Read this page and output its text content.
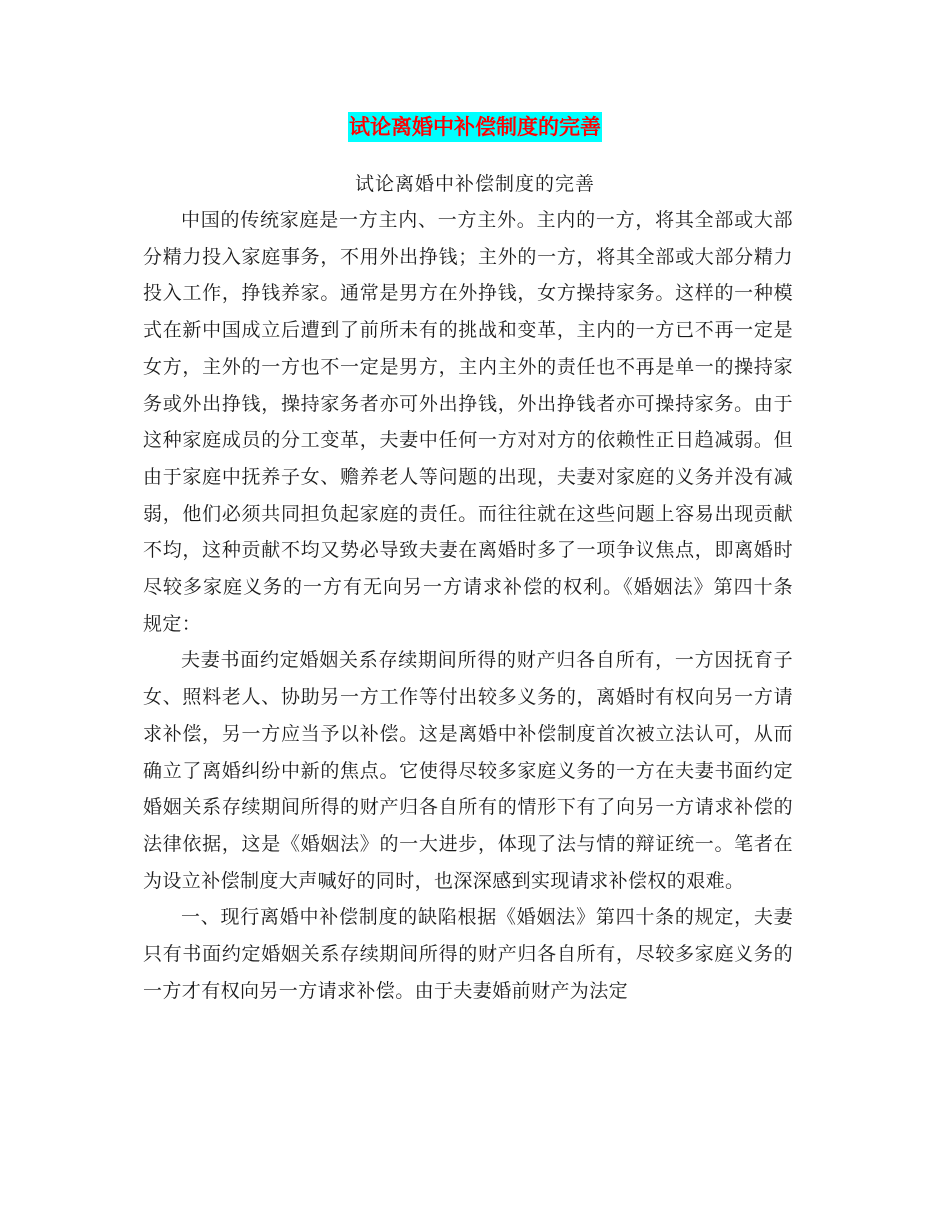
试论离婚中补偿制度的完善
试论离婚中补偿制度的完善

中国的传统家庭是一方主内、一方主外。主内的一方，将其全部或大部分精力投入家庭事务，不用外出挣钱；主外的一方，将其全部或大部分精力投入工作，挣钱养家。通常是男方在外挣钱，女方操持家务。这样的一种模式在新中国成立后遭到了前所未有的挑战和变革，主内的一方已不再一定是女方，主外的一方也不一定是男方，主内主外的责任也不再是单一的操持家务或外出挣钱，操持家务者亦可外出挣钱，外出挣钱者亦可操持家务。由于这种家庭成员的分工变革，夫妻中任何一方对对方的依赖性正日趋减弱。但由于家庭中抚养子女、赡养老人等问题的出现，夫妻对家庭的义务并没有减弱，他们必须共同担负起家庭的责任。而往往就在这些问题上容易出现贡献不均，这种贡献不均又势必导致夫妻在离婚时多了一项争议焦点，即离婚时尽较多家庭义务的一方有无向另一方请求补偿的权利。《婚姻法》第四十条规定：

夫妻书面约定婚姻关系存续期间所得的财产归各自所有，一方因抚育子女、照料老人、协助另一方工作等付出较多义务的，离婚时有权向另一方请求补偿，另一方应当予以补偿。这是离婚中补偿制度首次被立法认可，从而确立了离婚纠纷中新的焦点。它使得尽较多家庭义务的一方在夫妻书面约定婚姻关系存续期间所得的财产归各自所有的情形下有了向另一方请求补偿的法律依据，这是《婚姻法》的一大进步，体现了法与情的辩证统一。笔者在为设立补偿制度大声喊好的同时，也深深感到实现请求补偿权的艰难。

一、现行离婚中补偿制度的缺陷根据《婚姻法》第四十条的规定，夫妻只有书面约定婚姻关系存续期间所得的财产归各自所有，尽较多家庭义务的一方才有权向另一方请求补偿。由于夫妻婚前财产为法定
